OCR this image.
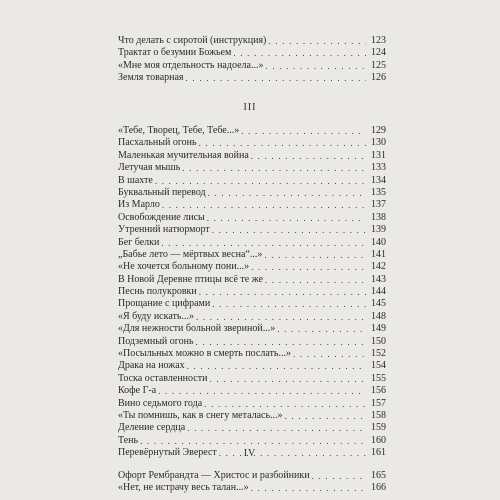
Что делать с сиротой (инструкция) . . .	123
Трактат о безумии Божьем . . .	124
«Мне моя отдельность надоела...» . . .	125
Земля товарная . . .	126
III
«Тебе, Творец, Тебе, Тебе...» . . .	129
Пасхальный огонь . . .	130
Маленькая мучительная война . . .	131
Летучая мышь . . .	133
В шахте . . .	134
Буквальный перевод . . .	135
Из Марло . . .	137
Освобождение лисы . . .	138
Утренний натюрморт . . .	139
Бег белки . . .	140
„Бабье лето — мёртвых весна“...» . . .	141
«Не хочется больному пони...» . . .	142
В Новой Деревне птицы всё те же . . .	143
Песнь полукровки . . .	144
Прощание с цифрами . . .	145
«Я буду искать...» . . .	148
«Для нежности больной звериной...» . . .	149
Подземный огонь . . .	150
«Посыльных можно в смерть послать...» . . .	152
Драка на ножах . . .	154
Тоска оставленности . . .	155
Кофе Г-а . . .	156
Вино седьмого года . . .	157
«Ты помнишь, как в снегу металась...» . . .	158
Деление сердца . . .	159
Тень . . .	160
Перевёрнутый Эверест . . .	161
IV
Офорт Рембрандта — Христос и разбойники . . .	165
«Нет, не истрачу весь талан...» . . .	166
